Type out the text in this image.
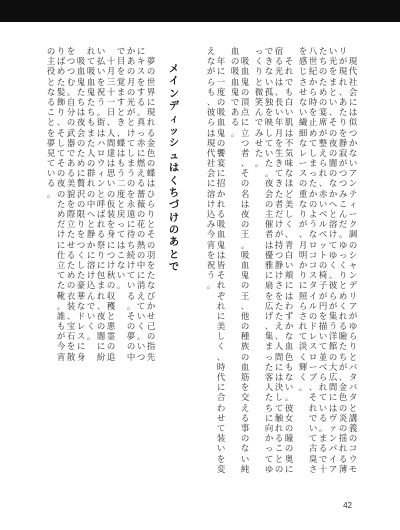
現
代
社
会
に
は
似
つ
か
な
い
ア
ン
テ
ィ
ー
ク
調
の
シ
ャ
ン
デ
リ
ア
が
ゆ
ら
り
と
バ
タ
バ
タ
と
講
義
の
コ
ウ
モ
リ
が
現
れ
、
あ
た
り
を
静
寂
が
つ
つ
み
こ
ん
だ
。
ゆ
っ
く
り
と
め
く
れ
る
瞼
た
ち
が
、
金
色
の
炎
の
揺
れ
る
薄
い
光
を
ま
と
い
、
そ
の
夜
の
闇
の
な
か
へ
と
溶
け
て
ゆ
く
。
彼
ら
が
集
う
洋
館
の
大
広
間
に
は
ヴ
ァ
ン
パ
イ
ア
た
ち
の
た
め
の
宴
席
が
整
え
ら
れ
、
赤
い
ベ
ル
ベ
ッ
ト
の
椅
子
が
円
を
描
い
て
並
べ
ら
れ
て
い
る
。
ま
る
で
十
八
世
紀
か
ら
時
を
止
め
て
し
ま
っ
た
か
の
よ
う
な
ロ
コ
コ
ス
タ
イ
ル
の
ド
レ
ス
ロ
ー
ブ
、
そ
れ
で
い
て
古
臭
さ
を
感
じ
さ
せ
な
い
繊
細
な
レ
ー
ス
の
重
な
り
が
、
月
明
か
り
に
照
ら
さ
れ
て
淡
く
輝
く
。

そ
れ
で
も
白
い
肌
は
不
気
味
な
ほ
ど
美
し
く
、
青
白
い
頬
に
は
わ
ず
か
な
血
色
も
な
い
。
彼
女
の
瞳
の
奥
に
宿
る
光
は
、
長
い
年
月
を
生
き
て
き
た
者
だ
け
が
持
つ
静
け
さ
を
た
た
え
、
人
間
に
は
決
し
て
触
れ
る
こ
と
の
で
き
な
い
孤
独
を
映
し
て
い
た
。
夜
会
の
主
催
者
は
優
雅
に
扇
を
広
げ
、
集
ま
っ
た
客
人
た
ち
に
向
か
っ
て
ゆ
っ
く
り
と
微
笑
ん
で
み
せ
た
。

吸
血
鬼
の
頂
点
に
立
つ
者
、
そ
の
名
は
夜
の
王
。
吸
血
鬼
の
王
、
他
の
種
族
の
血
筋
を
交
え
る
事
の
な
い
純
血
の
吸
血
鬼
で
あ
る
。

年
に
一
度
の
吸
血
鬼
の
饗
宴
に
招
か
れ
る
吸
血
鬼
は
皆
そ
れ
ぞ
れ
に
美
し
く
、
時
代
に
合
わ
せ
て
装
い
を
変
え
な
が
ら
も
、
彼
ら
は
現
代
社
会
に
溶
け
込
み
今
宵
を
祝
う
。
メ
イ
ン
デ
ィ
ッ
シ
ュ
は
く
ち
づ
け
の
あ
と
で

夢
の
世
界
に
現
れ
る
金
色
の
蝶
は
ひ
ら
り
と
そ
の
羽
を
た
な
び
か
せ
己
の
指
先
に
キ
ス
を
す
る
。
真
っ
赤
に
燃
え
る
薔
薇
の
花
の
熱
の
中
に
消
え
て
い
く
。
い
つ
か
あ
の
月
の
光
が
と
け
て
し
ま
う
の
を
永
遠
に
待
ち
続
け
て
い
る
。
そ
の
夢
の
中
で
目
を
覚
ま
す
と
き
、
蝶
は
も
う
二
度
と
戻
っ
て
は
こ
な
い
。

十
月
三
十
一
日
、
人
間
達
は
思
い
の
仮
装
を
身
に
つ
け
秋
の
収
穫
と
悪
霊
の
追
い
払
い
を
祝
う
。
街
は
ハ
ロ
ウ
ィ
ン
と
呼
ば
れ
る
祭
り
に
包
ま
れ
、
夜
の
闇
に
紛
れ
て
吸
血
鬼
た
ち
も
ま
た
人
の
群
れ
の
中
へ
と
静
か
に
溶
け
込
ん
で
い
く
。

吸
血
鬼
た
ち
は
夜
会
の
た
め
に
贅
沢
の
限
り
を
つ
く
し
た
豪
華
な
ド
レ
ス
に
身
を
つ
つ
む
。
自
分
の
武
器
で
あ
る
美
貌
を
際
立
た
せ
る
た
め
の
衣
装
、
宝
石
を
散
り
ば
め
た
髪
飾
り
、
そ
し
て
そ
の
夜
の
た
め
だ
け
に
仕
立
て
た
靴
。
誰
も
が
今
宵
の
主
役
と
な
る
こ
と
を
夢
見
て
い
る
。
42
